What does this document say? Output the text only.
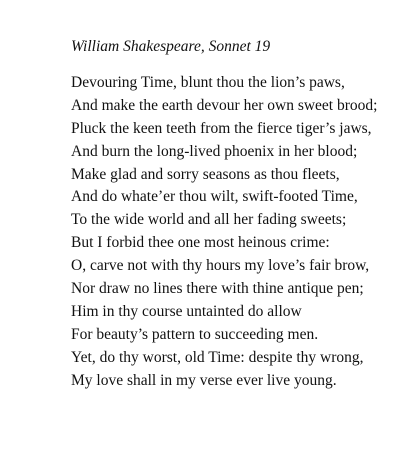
William Shakespeare, Sonnet 19
Devouring Time, blunt thou the lion’s paws,
And make the earth devour her own sweet brood;
Pluck the keen teeth from the fierce tiger’s jaws,
And burn the long-lived phoenix in her blood;
Make glad and sorry seasons as thou fleets,
And do whate’er thou wilt, swift-footed Time,
To the wide world and all her fading sweets;
But I forbid thee one most heinous crime:
O, carve not with thy hours my love’s fair brow,
Nor draw no lines there with thine antique pen;
Him in thy course untainted do allow
For beauty’s pattern to succeeding men.
Yet, do thy worst, old Time: despite thy wrong,
My love shall in my verse ever live young.
